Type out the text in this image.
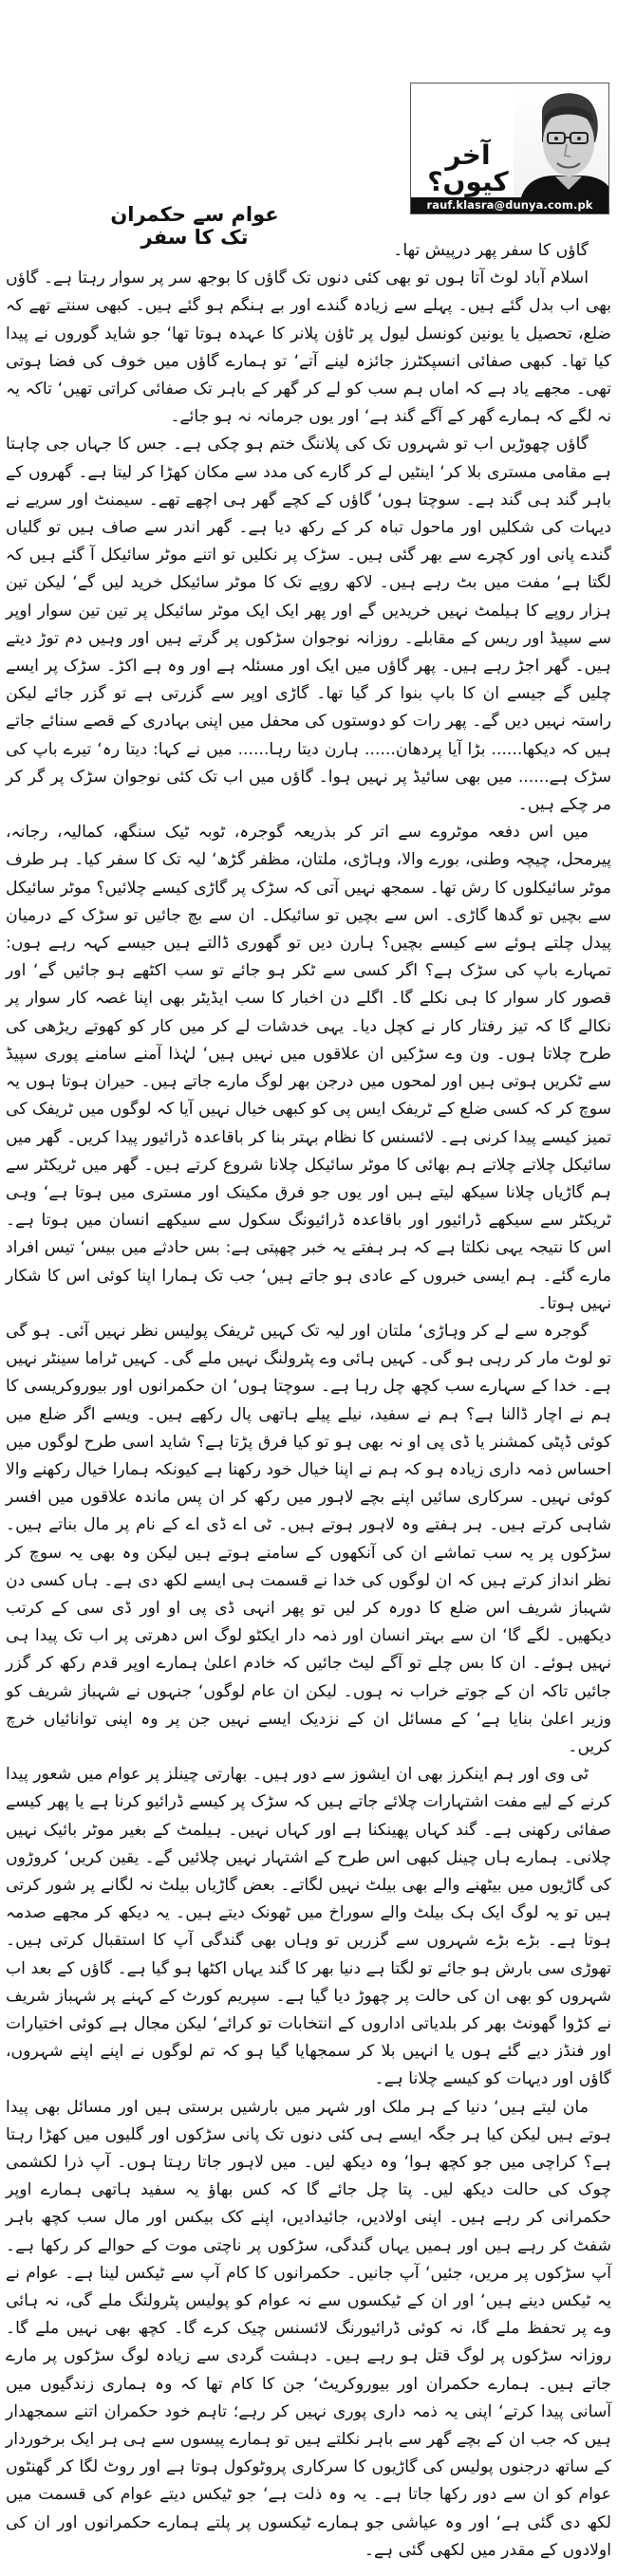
آخر کیوں؟
rauf.klasra@dunya.com.pk
عوام سے حکمران تک کا سفر

گاؤں کا سفر پھر درپیش تھا۔

اسلام آباد لوٹ آتا ہوں تو بھی کئی دنوں تک گاؤں کا بوجھ سر پر سوار رہتا ہے۔ گاؤں بھی اب بدل گئے ہیں۔ پہلے سے زیادہ گندے اور بے ہنگم ہو گئے ہیں۔ کبھی سنتے تھے کہ ضلع، تحصیل یا یونین کونسل لیول پر ٹاؤن پلانر کا عہدہ ہوتا تھا‘ جو شاید گوروں نے پیدا کیا تھا۔ کبھی صفائی انسپکٹرز جائزہ لینے آتے‘ تو ہمارے گاؤں میں خوف کی فضا ہوتی تھی۔ مجھے یاد ہے کہ اماں ہم سب کو لے کر گھر کے باہر تک صفائی کراتی تھیں‘ تاکہ یہ نہ لگے کہ ہمارے گھر کے آگے گند ہے‘ اور یوں جرمانہ نہ ہو جائے۔

گاؤں چھوڑیں اب تو شہروں تک کی پلاننگ ختم ہو چکی ہے۔ جس کا جہاں جی چاہتا ہے مقامی مستری بلا کر‘ اینٹیں لے کر گارے کی مدد سے مکان کھڑا کر لیتا ہے۔ گھروں کے باہر گند ہی گند ہے۔ سوچتا ہوں‘ گاؤں کے کچے گھر ہی اچھے تھے۔ سیمنٹ اور سریے نے دیہات کی شکلیں اور ماحول تباہ کر کے رکھ دیا ہے۔ گھر اندر سے صاف ہیں تو گلیاں گندے پانی اور کچرے سے بھر گئی ہیں۔ سڑک پر نکلیں تو اتنے موٹر سائیکل آ گئے ہیں کہ لگتا ہے‘ مفت میں بٹ رہے ہیں۔ لاکھ روپے تک کا موٹر سائیکل خرید لیں گے‘ لیکن تین ہزار روپے کا ہیلمٹ نہیں خریدیں گے اور پھر ایک ایک موٹر سائیکل پر تین تین سوار اوپر سے سپیڈ اور ریس کے مقابلے۔ روزانہ نوجوان سڑکوں پر گرتے ہیں اور وہیں دم توڑ دیتے ہیں۔ گھر اجڑ رہے ہیں۔ پھر گاؤں میں ایک اور مسئلہ ہے اور وہ ہے اکڑ۔ سڑک پر ایسے چلیں گے جیسے ان کا باپ بنوا کر گیا تھا۔ گاڑی اوپر سے گزرتی ہے تو گزر جائے لیکن راستہ نہیں دیں گے۔ پھر رات کو دوستوں کی محفل میں اپنی بہادری کے قصے سنائے جاتے ہیں کہ دیکھا...... بڑا آیا پردھان...... ہارن دیتا رہا...... میں نے کہا: دیتا رہ‘ تیرے باپ کی سڑک ہے...... میں بھی سائیڈ پر نہیں ہوا۔ گاؤں میں اب تک کئی نوجوان سڑک پر گر کر مر چکے ہیں۔

میں اس دفعہ موٹروے سے اتر کر بذریعہ گوجرہ، ٹوبہ ٹیک سنگھ، کمالیہ، رجانہ، پیرمحل، چیچہ وطنی، بورے والا، وہاڑی، ملتان، مظفر گڑھ‘ لیہ تک کا سفر کیا۔ ہر طرف موٹر سائیکلوں کا رش تھا۔ سمجھ نہیں آتی کہ سڑک پر گاڑی کیسے چلائیں؟ موٹر سائیکل سے بچیں تو گدھا گاڑی۔ اس سے بچیں تو سائیکل۔ ان سے بچ جائیں تو سڑک کے درمیان پیدل چلتے ہوئے سے کیسے بچیں؟ ہارن دیں تو گھوری ڈالتے ہیں جیسے کہہ رہے ہوں: تمہارے باپ کی سڑک ہے؟ اگر کسی سے ٹکر ہو جائے تو سب اکٹھے ہو جائیں گے‘ اور قصور کار سوار کا ہی نکلے گا۔ اگلے دن اخبار کا سب ایڈیٹر بھی اپنا غصہ کار سوار پر نکالے گا کہ تیز رفتار کار نے کچل دیا۔ یہی خدشات لے کر میں کار کو کھوتے ریڑھی کی طرح چلاتا ہوں۔ ون وے سڑکیں ان علاقوں میں نہیں ہیں‘ لہٰذا آمنے سامنے پوری سپیڈ سے ٹکریں ہوتی ہیں اور لمحوں میں درجن بھر لوگ مارے جاتے ہیں۔ حیران ہوتا ہوں یہ سوچ کر کہ کسی ضلع کے ٹریفک ایس پی کو کبھی خیال نہیں آیا کہ لوگوں میں ٹریفک کی تمیز کیسے پیدا کرنی ہے۔ لائسنس کا نظام بہتر بنا کر باقاعدہ ڈرائیور پیدا کریں۔ گھر میں سائیکل چلاتے چلاتے ہم بھائی کا موٹر سائیکل چلانا شروع کرتے ہیں۔ گھر میں ٹریکٹر سے ہم گاڑیاں چلانا سیکھ لیتے ہیں اور یوں جو فرق مکینک اور مستری میں ہوتا ہے‘ وہی ٹریکٹر سے سیکھے ڈرائیور اور باقاعدہ ڈرائیونگ سکول سے سیکھے انسان میں ہوتا ہے۔ اس کا نتیجہ یہی نکلتا ہے کہ ہر ہفتے یہ خبر چھپتی ہے: بس حادثے میں بیس‘ تیس افراد مارے گئے۔ ہم ایسی خبروں کے عادی ہو جاتے ہیں‘ جب تک ہمارا اپنا کوئی اس کا شکار نہیں ہوتا۔

گوجرہ سے لے کر وہاڑی‘ ملتان اور لیہ تک کہیں ٹریفک پولیس نظر نہیں آئی۔ ہو گی تو لوٹ مار کر رہی ہو گی۔ کہیں ہائی وے پٹرولنگ نہیں ملے گی۔ کہیں ٹراما سینٹر نہیں ہے۔ خدا کے سہارے سب کچھ چل رہا ہے۔ سوچتا ہوں‘ ان حکمرانوں اور بیوروکریسی کا ہم نے اچار ڈالنا ہے؟ ہم نے سفید، نیلے پیلے ہاتھی پال رکھے ہیں۔ ویسے اگر ضلع میں کوئی ڈپٹی کمشنر یا ڈی پی او نہ بھی ہو تو کیا فرق پڑتا ہے؟ شاید اسی طرح لوگوں میں احساس ذمہ داری زیادہ ہو کہ ہم نے اپنا خیال خود رکھنا ہے کیونکہ ہمارا خیال رکھنے والا کوئی نہیں۔ سرکاری سائیں اپنے بچے لاہور میں رکھ کر ان پس ماندہ علاقوں میں افسر شاہی کرتے ہیں۔ ہر ہفتے وہ لاہور ہوتے ہیں۔ ٹی اے ڈی اے کے نام پر مال بناتے ہیں۔ سڑکوں پر یہ سب تماشے ان کی آنکھوں کے سامنے ہوتے ہیں لیکن وہ بھی یہ سوچ کر نظر انداز کرتے ہیں کہ ان لوگوں کی خدا نے قسمت ہی ایسے لکھ دی ہے۔ ہاں کسی دن شہباز شریف اس ضلع کا دورہ کر لیں تو پھر انہی ڈی پی او اور ڈی سی کے کرتب دیکھیں۔ لگے گا‘ ان سے بہتر انسان اور ذمہ دار ایکٹو لوگ اس دھرتی پر اب تک پیدا ہی نہیں ہوئے۔ ان کا بس چلے تو آگے لیٹ جائیں کہ خادم اعلیٰ ہمارے اوپر قدم رکھ کر گزر جائیں تاکہ ان کے جوتے خراب نہ ہوں۔ لیکن ان عام لوگوں‘ جنہوں نے شہباز شریف کو وزیر اعلیٰ بنایا ہے‘ کے مسائل ان کے نزدیک ایسے نہیں جن پر وہ اپنی توانائیاں خرچ کریں۔

ٹی وی اور ہم اینکرز بھی ان ایشوز سے دور ہیں۔ بھارتی چینلز پر عوام میں شعور پیدا کرنے کے لیے مفت اشتہارات چلائے جاتے ہیں کہ سڑک پر کیسے ڈرائیو کرنا ہے یا پھر کیسے صفائی رکھنی ہے۔ گند کہاں پھینکنا ہے اور کہاں نہیں۔ ہیلمٹ کے بغیر موٹر بائیک نہیں چلانی۔ ہمارے ہاں چینل کبھی اس طرح کے اشتہار نہیں چلائیں گے۔ یقین کریں‘ کروڑوں کی گاڑیوں میں بیٹھنے والے بھی بیلٹ نہیں لگاتے۔ بعض گاڑیاں بیلٹ نہ لگانے پر شور کرتی ہیں تو یہ لوگ ایک ہک بیلٹ والے سوراخ میں ٹھونک دیتے ہیں۔ یہ دیکھ کر مجھے صدمہ ہوتا ہے۔ بڑے بڑے شہروں سے گزریں تو وہاں بھی گندگی آپ کا استقبال کرتی ہیں۔ تھوڑی سی بارش ہو جائے تو لگتا ہے دنیا بھر کا گند یہاں اکٹھا ہو گیا ہے۔ گاؤں کے بعد اب شہروں کو بھی ان کی حالت پر چھوڑ دیا گیا ہے۔ سپریم کورٹ کے کہنے پر شہباز شریف نے کڑوا گھونٹ بھر کر بلدیاتی اداروں کے انتخابات تو کرائے‘ لیکن مجال ہے کوئی اختیارات اور فنڈز دیے گئے ہوں یا انہیں بلا کر سمجھایا گیا ہو کہ تم لوگوں نے اپنے اپنے شہروں، گاؤں اور دیہات کو کیسے چلانا ہے۔

مان لیتے ہیں‘ دنیا کے ہر ملک اور شہر میں بارشیں برستی ہیں اور مسائل بھی پیدا ہوتے ہیں لیکن کیا ہر جگہ ایسے ہی کئی دنوں تک پانی سڑکوں اور گلیوں میں کھڑا رہتا ہے؟ کراچی میں جو کچھ ہوا‘ وہ دیکھ لیں۔ میں لاہور جاتا رہتا ہوں۔ آپ ذرا لکشمی چوک کی حالت دیکھ لیں۔ پتا چل جائے گا کہ کس بھاؤ یہ سفید ہاتھی ہمارے اوپر حکمرانی کر رہے ہیں۔ اپنی اولادیں، جائیدادیں، اپنے کک بیکس اور مال سب کچھ باہر شفٹ کر رہے ہیں اور ہمیں یہاں گندگی، سڑکوں پر ناچتی موت کے حوالے کر رکھا ہے۔ آپ سڑکوں پر مریں، جئیں‘ آپ جانیں۔ حکمرانوں کا کام آپ سے ٹیکس لینا ہے۔ عوام نے یہ ٹیکس دینے ہیں‘ اور ان کے ٹیکسوں سے نہ عوام کو پولیس پٹرولنگ ملے گی، نہ ہائی وے پر تحفظ ملے گا، نہ کوئی ڈرائیورنگ لائسنس چیک کرے گا۔ کچھ بھی نہیں ملے گا۔ روزانہ سڑکوں پر لوگ قتل ہو رہے ہیں۔ دہشت گردی سے زیادہ لوگ سڑکوں پر مارے جاتے ہیں۔ ہمارے حکمران اور بیوروکریٹ‘ جن کا کام تھا کہ وہ ہماری زندگیوں میں آسانی پیدا کرتے‘ اپنی یہ ذمہ داری پوری نہیں کر رہے؛ تاہم خود حکمران اتنے سمجھدار ہیں کہ جب ان کے بچے گھر سے باہر نکلتے ہیں تو ہمارے پیسوں سے ہی ہر ایک برخوردار کے ساتھ درجنوں پولیس کی گاڑیوں کا سرکاری پروٹوکول ہوتا ہے اور روٹ لگا کر گھنٹوں عوام کو ان سے دور رکھا جاتا ہے۔ یہ وہ ذلت ہے‘ جو ٹیکس دیتے عوام کی قسمت میں لکھ دی گئی ہے‘ اور وہ عیاشی جو ہمارے ٹیکسوں پر پلتے ہمارے حکمرانوں اور ان کی اولادوں کے مقدر میں لکھی گئی ہے۔
